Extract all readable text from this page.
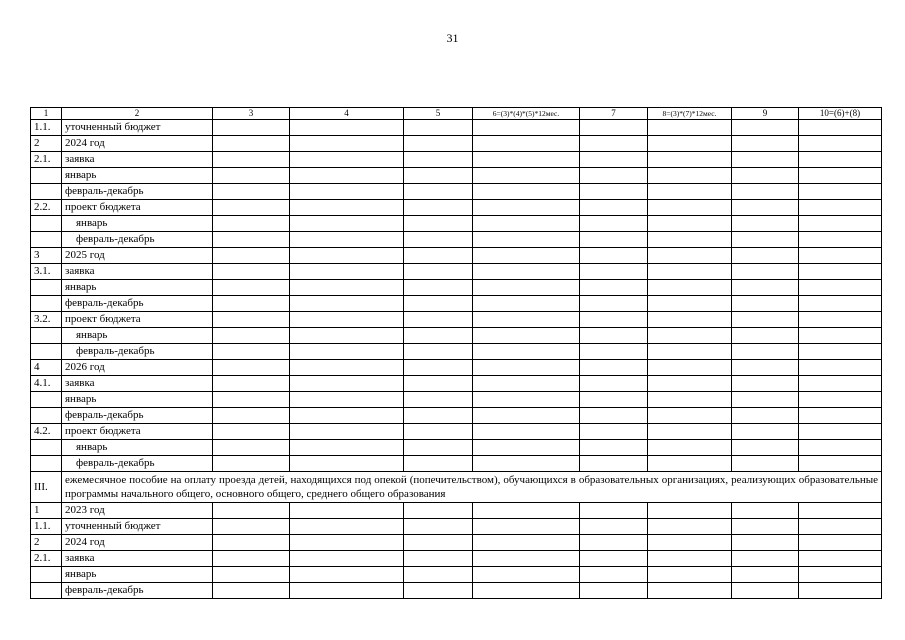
31
1	2	3	4	5	6=(3)*(4)*(5)*12мес.	7	8=(3)*(7)*12мес.	9	10=(6)+(8)
1.1.	уточненный бюджет								
2	2024 год								
2.1.	заявка								
	январь								
	февраль-декабрь								
2.2.	проект бюджета								
	январь								
	февраль-декабрь								
3	2025 год								
3.1.	заявка								
	январь								
	февраль-декабрь								
3.2.	проект бюджета								
	январь								
	февраль-декабрь								
4	2026 год								
4.1.	заявка								
	январь								
	февраль-декабрь								
4.2.	проект бюджета								
	январь								
	февраль-декабрь								
III.	ежемесячное пособие на оплату проезда детей, находящихся под опекой (попечительством), обучающихся в образовательных организациях, реализующих образовательные программы начального общего, основного общего, среднего общего образования								
1	2023 год								
1.1.	уточненный бюджет								
2	2024 год								
2.1.	заявка								
	январь								
	февраль-декабрь								
